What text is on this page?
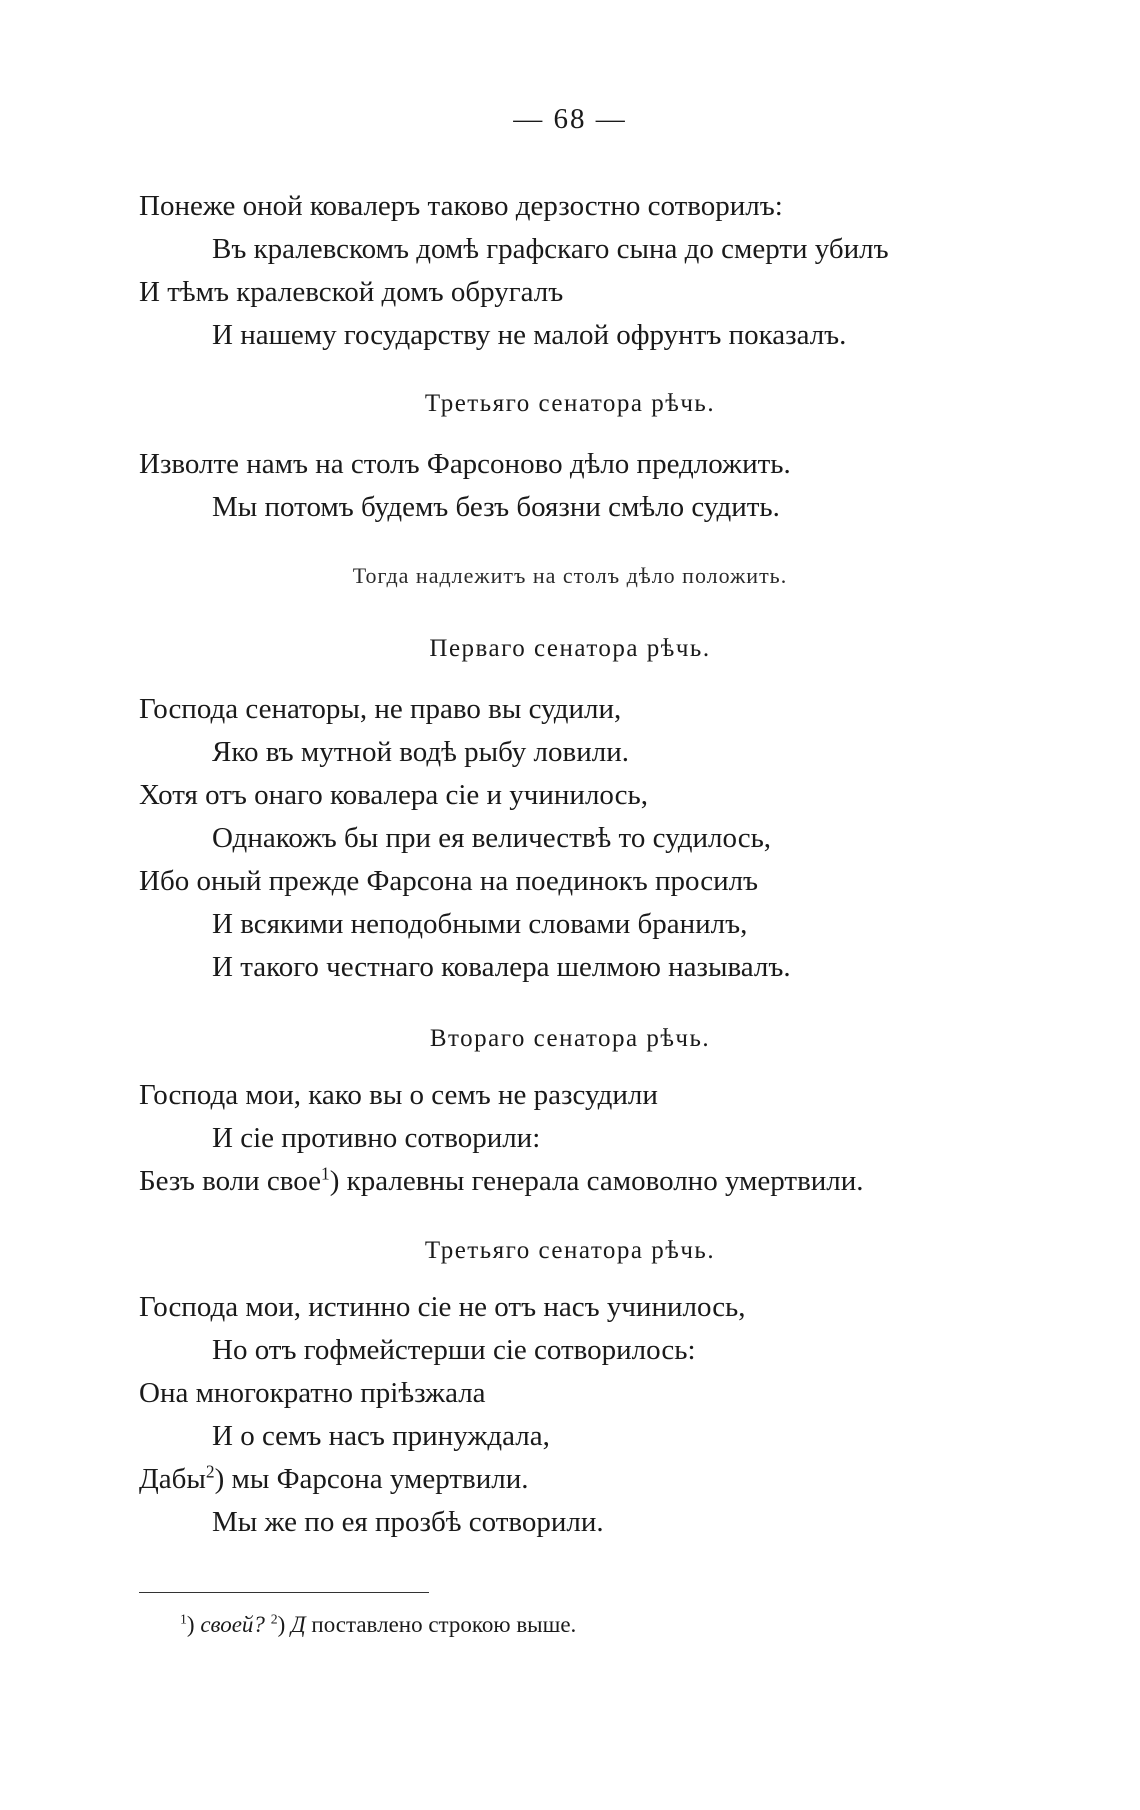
— 68 —
Понеже оной ковалеръ таково дерзостно сотворилъ:
Въ кралевскомъ домѣ графскаго сына до смерти убилъ
И тѣмъ кралевской домъ обругалъ
И нашему государству не малой офрунтъ показалъ.
Третьяго сенатора рѣчь.
Изволте намъ на столъ Фарсоново дѣло предложить.
Мы потомъ будемъ безъ боязни смѣло судить.
Тогда надлежитъ на столъ дѣло положить.
Перваго сенатора рѣчь.
Господа сенаторы, не право вы судили,
Яко въ мутной водѣ рыбу ловили.
Хотя отъ онаго ковалера сіе и учинилось,
Однакожъ бы при ея величествѣ то судилось,
Ибо оный прежде Фарсона на поединокъ просилъ
И всякими неподобными словами бранилъ,
И такого честнаго ковалера шелмою называлъ.
Втораго сенатора рѣчь.
Господа мои, како вы о семъ не разсудили
И сіе противно сотворили:
Безъ воли свое$^1$) кралевны генерала самоволно умертвили.
Третьяго сенатора рѣчь.
Господа мои, истинно сіе не отъ насъ учинилось,
Но отъ гофмейстерши сіе сотворилось:
Она многократно пріѣзжала
И о семъ насъ принуждала,
Дабы$^2$) мы Фарсона умертвили.
Мы же по ея прозбѣ сотворили.
$^1$) своей? $^2$) Д поставлено строкою выше.
